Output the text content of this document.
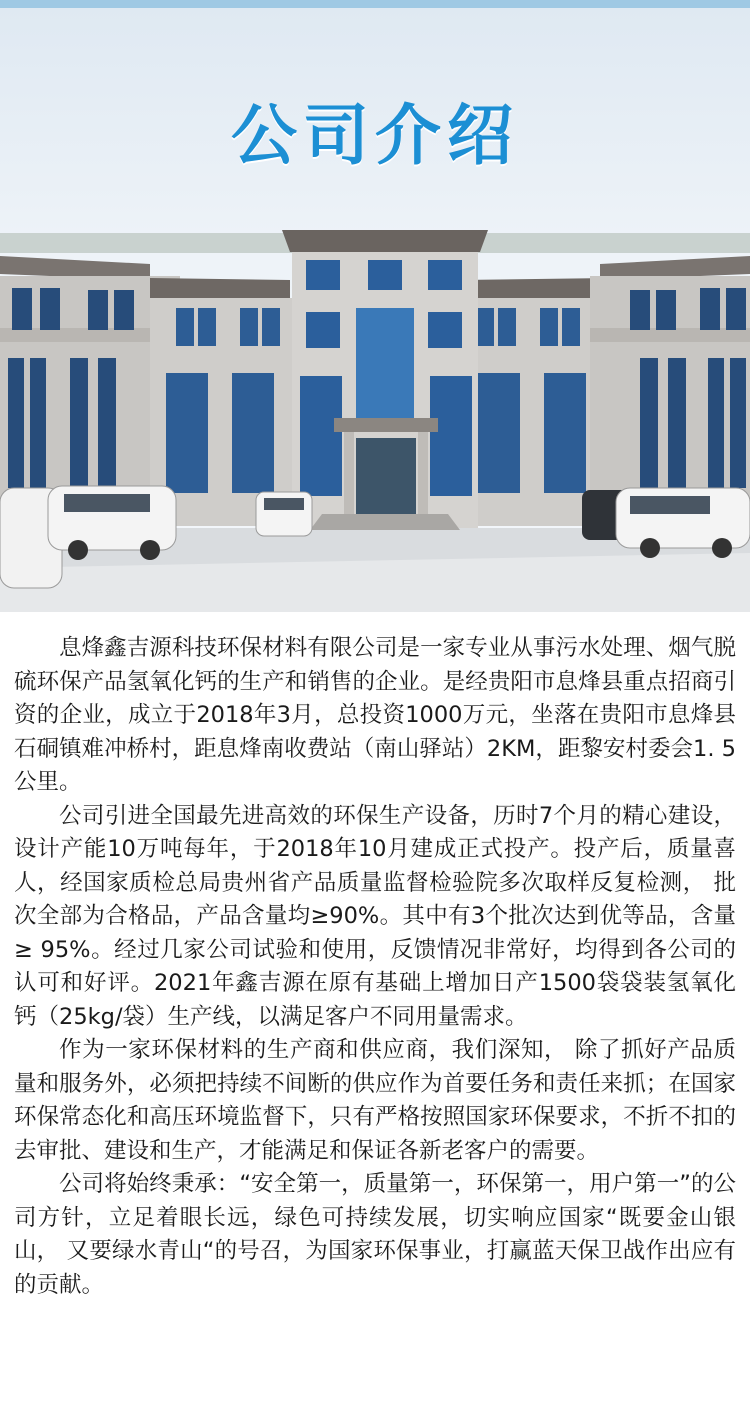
公司介绍

息烽鑫吉源科技环保材料有限公司是一家专业从事污水处理、烟气脱硫环保产品氢氧化钙的生产和销售的企业。是经贵阳市息烽县重点招商引资的企业，成立于2018年3月，总投资1000万元，坐落在贵阳市息烽县石硐镇难冲桥村，距息烽南收费站（南山驿站）2KM，距黎安村委会1. 5公里。

公司引进全国最先进高效的环保生产设备，历时7个月的精心建设，设计产能10万吨每年，于2018年10月建成正式投产。投产后，质量喜人，经国家质检总局贵州省产品质量监督检验院多次取样反复检测， 批次全部为合格品，产品含量均≥90%。其中有3个批次达到优等品，含量≥ 95%。经过几家公司试验和使用，反馈情况非常好，均得到各公司的认可和好评。2021年鑫吉源在原有基础上增加日产1500袋袋装氢氧化钙（25kg/袋）生产线，以满足客户不同用量需求。

作为一家环保材料的生产商和供应商，我们深知， 除了抓好产品质量和服务外，必须把持续不间断的供应作为首要任务和责任来抓；在国家环保常态化和高压环境监督下，只有严格按照国家环保要求，不折不扣的去审批、建设和生产，才能满足和保证各新老客户的需要。

公司将始终秉承：“安全第一，质量第一，环保第一，用户第一”的公司方针，立足着眼长远，绿色可持续发展，切实响应国家“既要金山银山， 又要绿水青山“的号召，为国家环保事业，打赢蓝天保卫战作出应有的贡献。
